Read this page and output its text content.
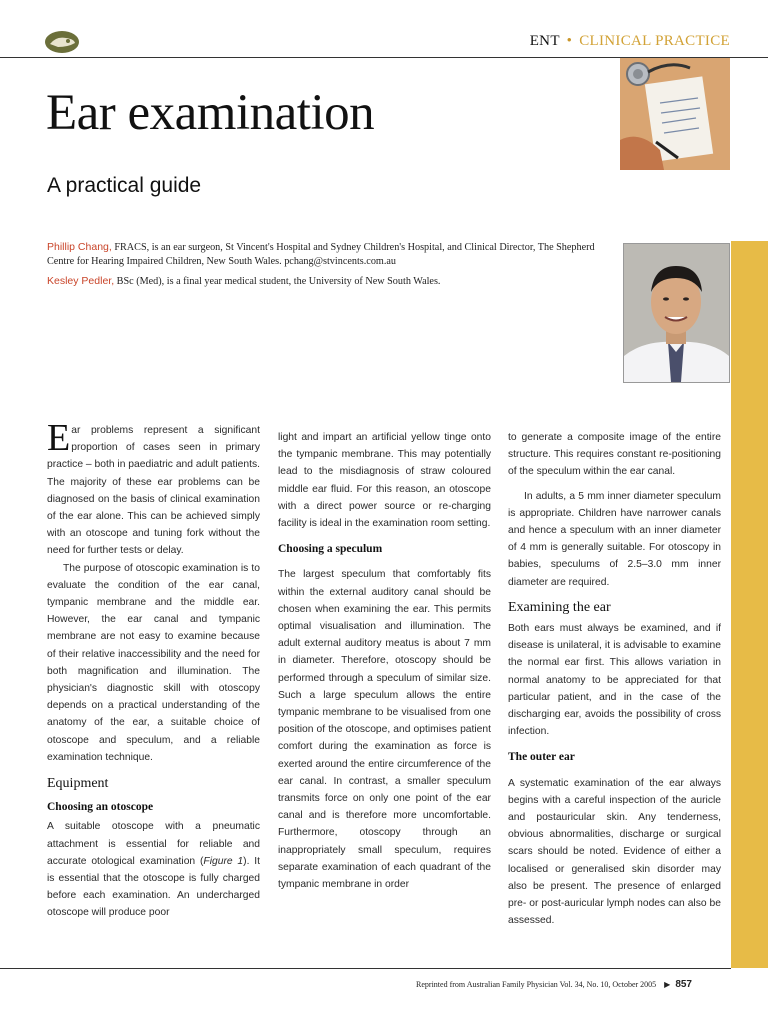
ENT • CLINICAL PRACTICE
Ear examination
A practical guide

Phillip Chang, FRACS, is an ear surgeon, St Vincent's Hospital and Sydney Children's Hospital, and Clinical Director, The Shepherd Centre for Hearing Impaired Children, New South Wales. pchang@stvincents.com.au

Kesley Pedler, BSc (Med), is a final year medical student, the University of New South Wales.

Ear problems represent a significant proportion of cases seen in primary practice – both in paediatric and adult patients. The majority of these ear problems can be diagnosed on the basis of clinical examination of the ear alone. This can be achieved simply with an otoscope and tuning fork without the need for further tests or delay.

The purpose of otoscopic examination is to evaluate the condition of the ear canal, tympanic membrane and the middle ear. However, the ear canal and tympanic membrane are not easy to examine because of their relative inaccessibility and the need for both magnification and illumination. The physician's diagnostic skill with otoscopy depends on a practical understanding of the anatomy of the ear, a suitable choice of otoscope and speculum, and a reliable examination technique.

Equipment
Choosing an otoscope

A suitable otoscope with a pneumatic attachment is essential for reliable and accurate otological examination (Figure 1). It is essential that the otoscope is fully charged before each examination. An undercharged otoscope will produce poor

light and impart an artificial yellow tinge onto the tympanic membrane. This may potentially lead to the misdiagnosis of straw coloured middle ear fluid. For this reason, an otoscope with a direct power source or re-charging facility is ideal in the examination room setting.

Choosing a speculum

The largest speculum that comfortably fits within the external auditory canal should be chosen when examining the ear. This permits optimal visualisation and illumination. The adult external auditory meatus is about 7 mm in diameter. Therefore, otoscopy should be performed through a speculum of similar size. Such a large speculum allows the entire tympanic membrane to be visualised from one position of the otoscope, and optimises patient comfort during the examination as force is exerted around the entire circumference of the ear canal. In contrast, a smaller speculum transmits force on only one point of the ear canal and is therefore more uncomfortable. Furthermore, otoscopy through an inappropriately small speculum, requires separate examination of each quadrant of the tympanic membrane in order

to generate a composite image of the entire structure. This requires constant re-positioning of the speculum within the ear canal.

In adults, a 5 mm inner diameter speculum is appropriate. Children have narrower canals and hence a speculum with an inner diameter of 4 mm is generally suitable. For otoscopy in babies, speculums of 2.5–3.0 mm inner diameter are required.

Examining the ear

Both ears must always be examined, and if disease is unilateral, it is advisable to examine the normal ear first. This allows variation in normal anatomy to be appreciated for that particular patient, and in the case of the discharging ear, avoids the possibility of cross infection.

The outer ear

A systematic examination of the ear always begins with a careful inspection of the auricle and postauricular skin. Any tenderness, obvious abnormalities, discharge or surgical scars should be noted. Evidence of either a localised or generalised skin disorder may also be present. The presence of enlarged pre- or post-auricular lymph nodes can also be assessed.

Reprinted from Australian Family Physician Vol. 34, No. 10, October 2005 ▶ 857
